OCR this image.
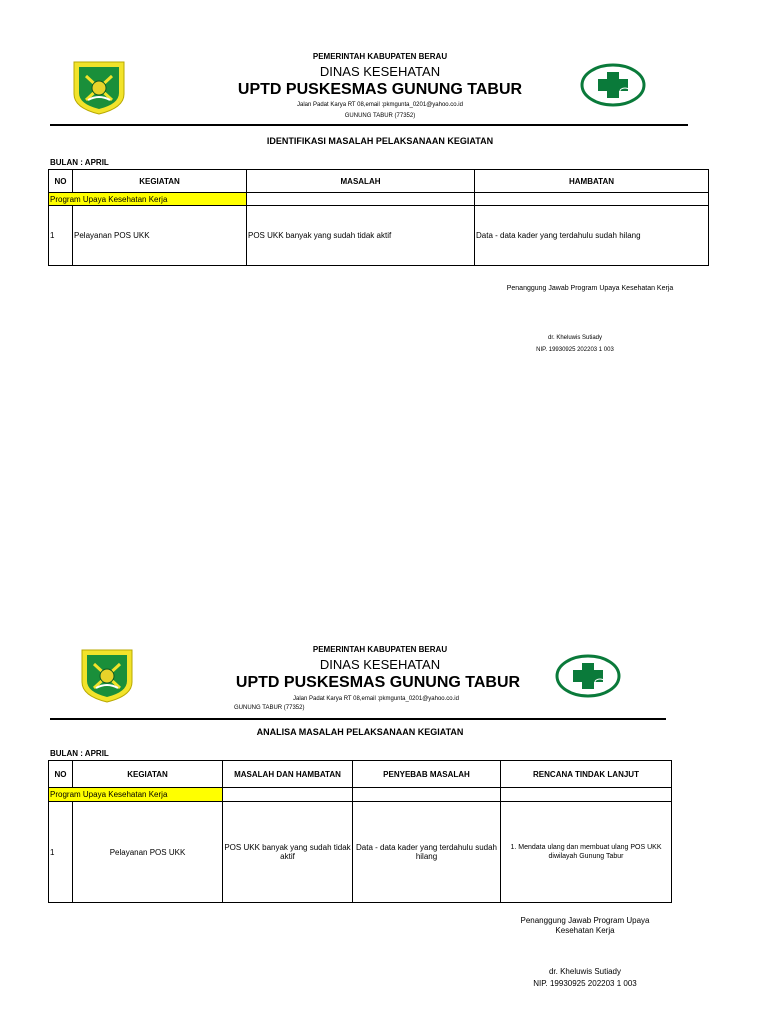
PEMERINTAH KABUPATEN BERAU
DINAS KESEHATAN
UPTD PUSKESMAS GUNUNG TABUR
Jalan Padat Karya RT 08,email :pkmgunta_0201@yahoo.co.id
GUNUNG TABUR (77352)
IDENTIFIKASI MASALAH PELAKSANAAN KEGIATAN
BULAN : APRIL
NO	KEGIATAN	MASALAH	HAMBATAN
Program Upaya Kesehatan Kerja			
1	Pelayanan POS UKK	POS UKK banyak yang sudah tidak aktif	Data - data kader yang terdahulu sudah hilang
Penanggung Jawab Program Upaya Kesehatan Kerja
dr. Kheluwis Sutiady
NIP. 19930925 202203 1 003
PEMERINTAH KABUPATEN BERAU
DINAS KESEHATAN
UPTD PUSKESMAS GUNUNG TABUR
Jalan Padat Karya RT 08,email :pkmgunta_0201@yahoo.co.id
GUNUNG TABUR (77352)
ANALISA MASALAH PELAKSANAAN KEGIATAN
BULAN : APRIL
NO	KEGIATAN	MASALAH DAN HAMBATAN	PENYEBAB MASALAH	RENCANA TINDAK LANJUT
Program Upaya Kesehatan Kerja				
1	Pelayanan POS UKK	POS UKK banyak yang sudah tidak aktif	Data - data kader yang terdahulu sudah hilang	1. Mendata ulang dan membuat ulang POS UKK diwilayah Gunung Tabur
Penanggung Jawab Program Upaya Kesehatan Kerja
dr. Kheluwis Sutiady
NIP. 19930925 202203 1 003
